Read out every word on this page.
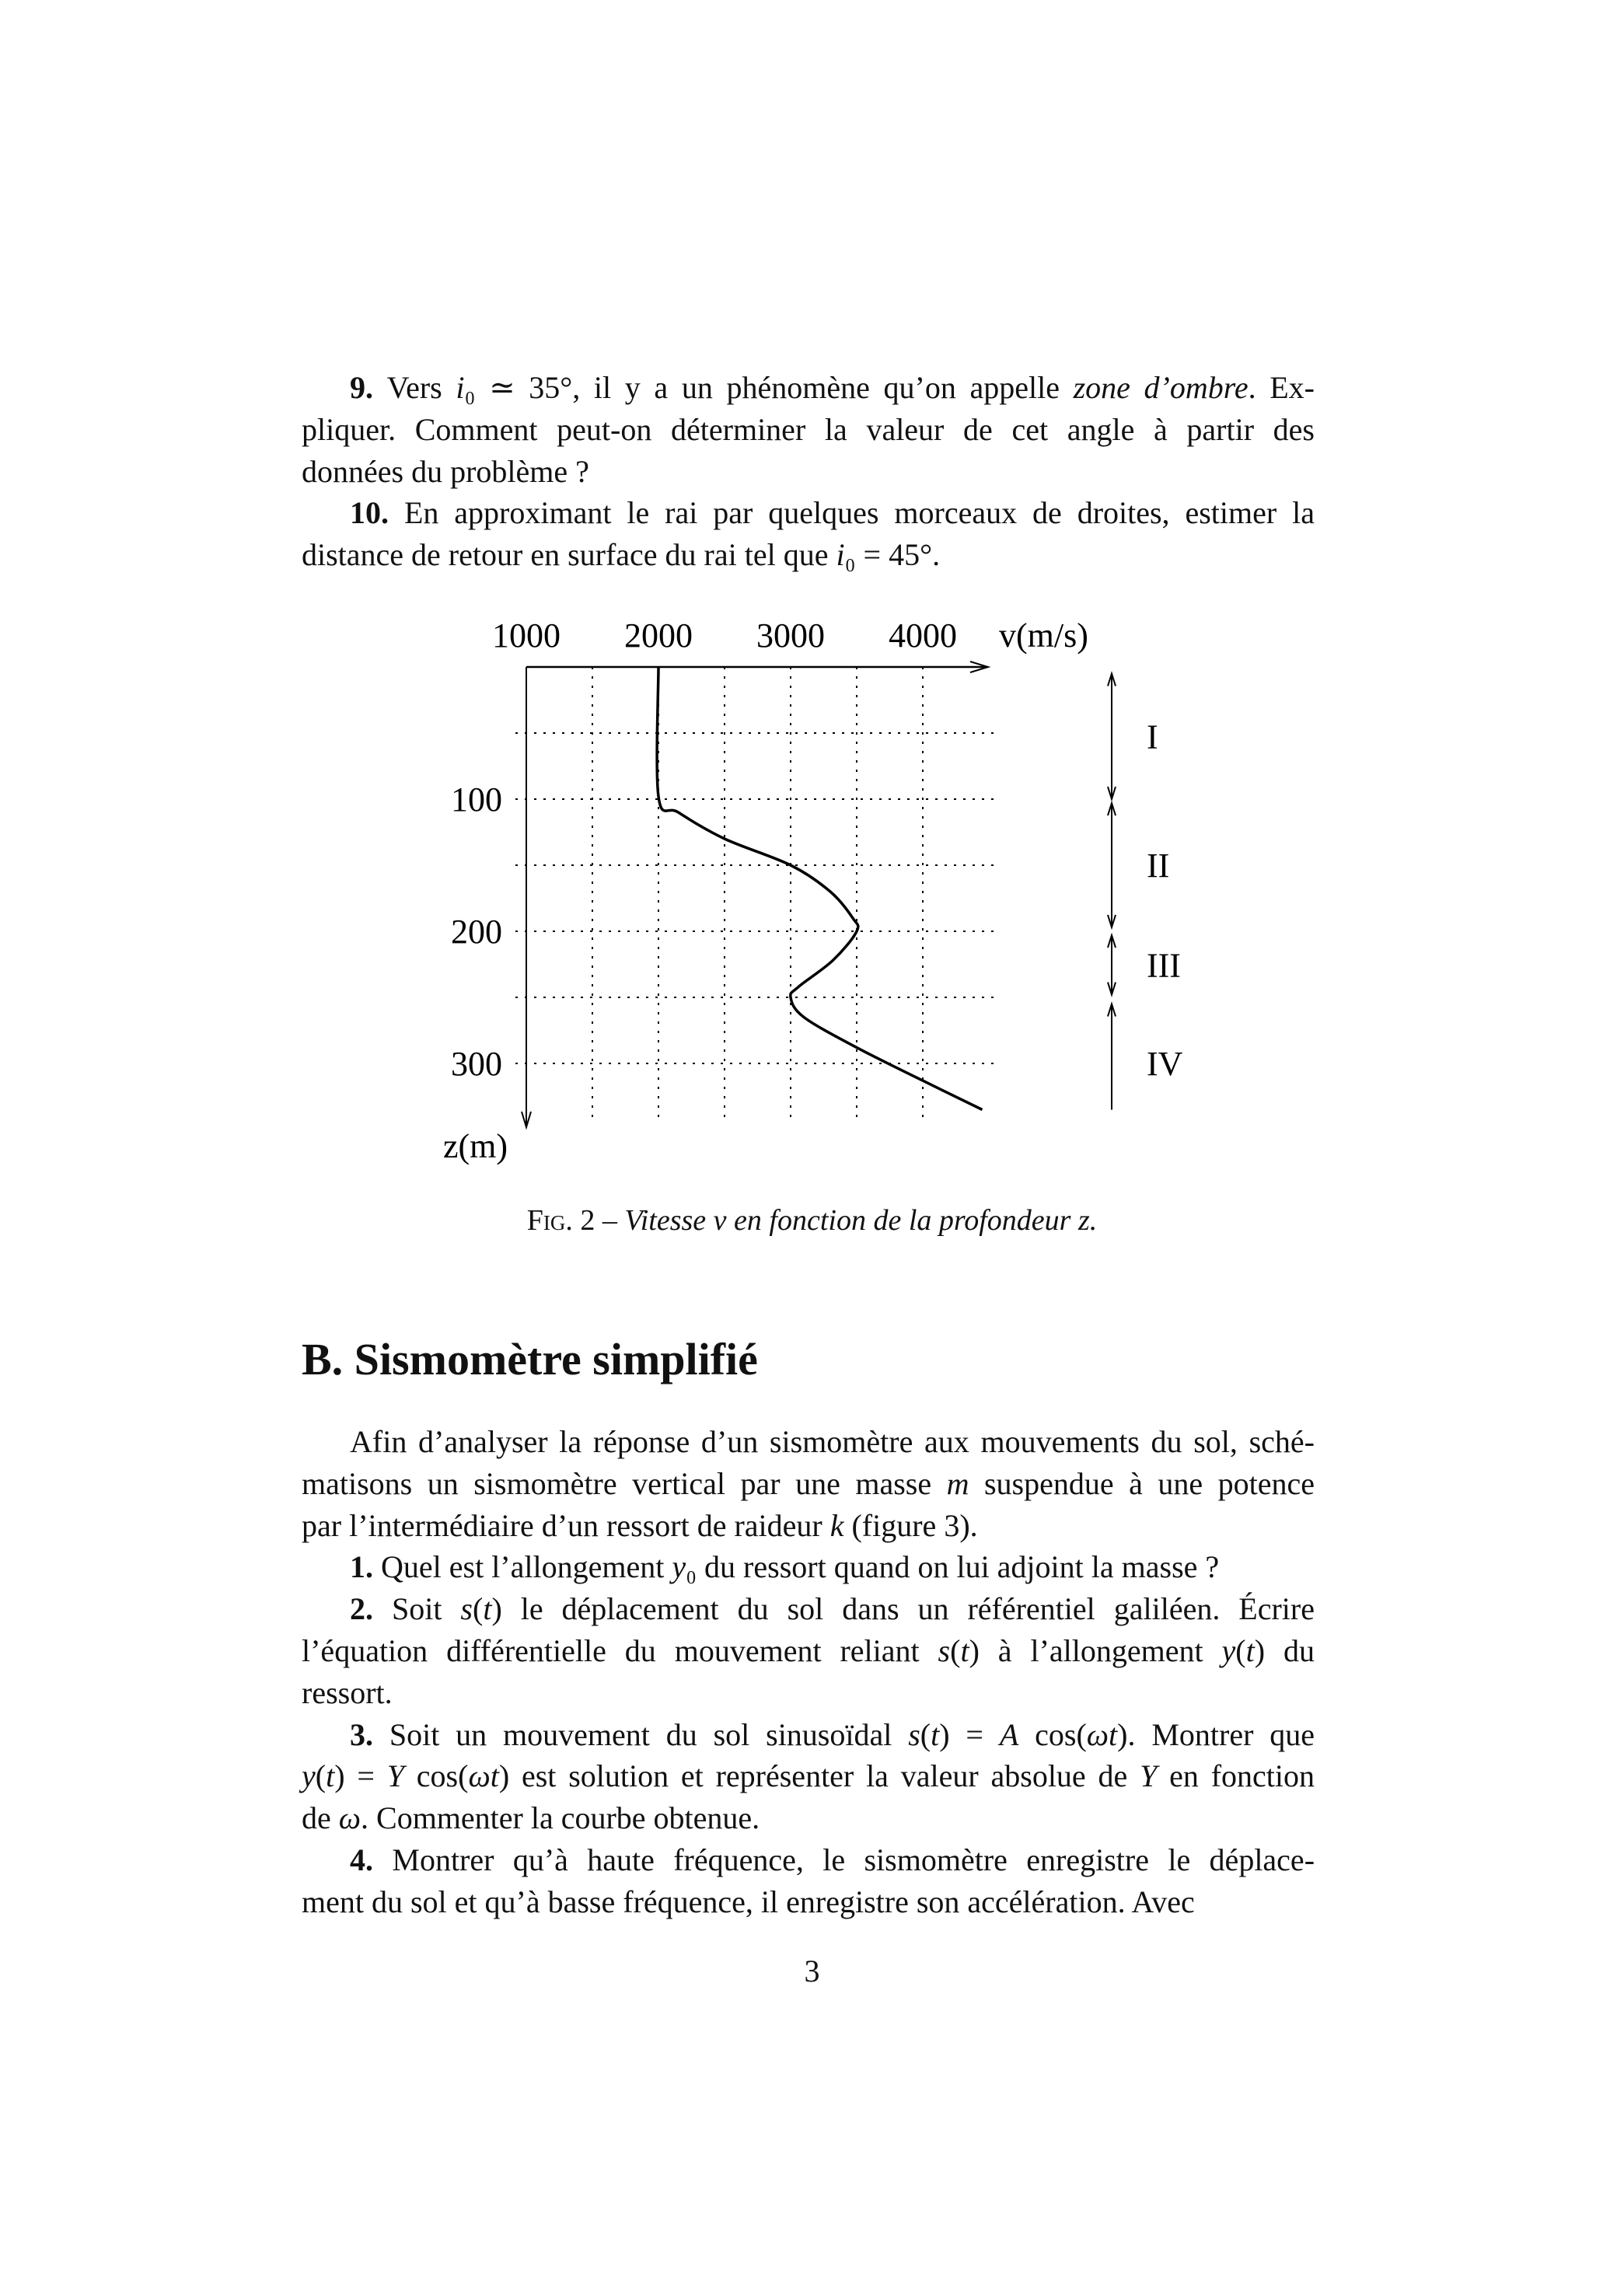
9. Vers i₀ ≃ 35°, il y a un phénomène qu’on appelle zone d’ombre. Ex-
pliquer. Comment peut-on déterminer la valeur de cet angle à partir des
données du problème ?
10. En approximant le rai par quelques morceaux de droites, estimer la
distance de retour en surface du rai tel que i₀ = 45°.
1000 2000 3000 4000
100
200
300
v(m/s)
z(m)
I
II
III
IV
Fig. 2 – Vitesse v en fonction de la profondeur z.
B. Sismomètre simplifié
Afin d’analyser la réponse d’un sismomètre aux mouvements du sol, sché-
matisons un sismomètre vertical par une masse m suspendue à une potence
par l’intermédiaire d’un ressort de raideur k (figure 3).
1. Quel est l’allongement y₀ du ressort quand on lui adjoint la masse ?
2. Soit s(t) le déplacement du sol dans un référentiel galiléen. Écrire
l’équation différentielle du mouvement reliant s(t) à l’allongement y(t) du
ressort.
3. Soit un mouvement du sol sinusoïdal s(t) = A cos(ωt). Montrer que
y(t) = Y cos(ωt) est solution et représenter la valeur absolue de Y en fonction
de ω. Commenter la courbe obtenue.
4. Montrer qu’à haute fréquence, le sismomètre enregistre le déplace-
ment du sol et qu’à basse fréquence, il enregistre son accélération. Avec
3
